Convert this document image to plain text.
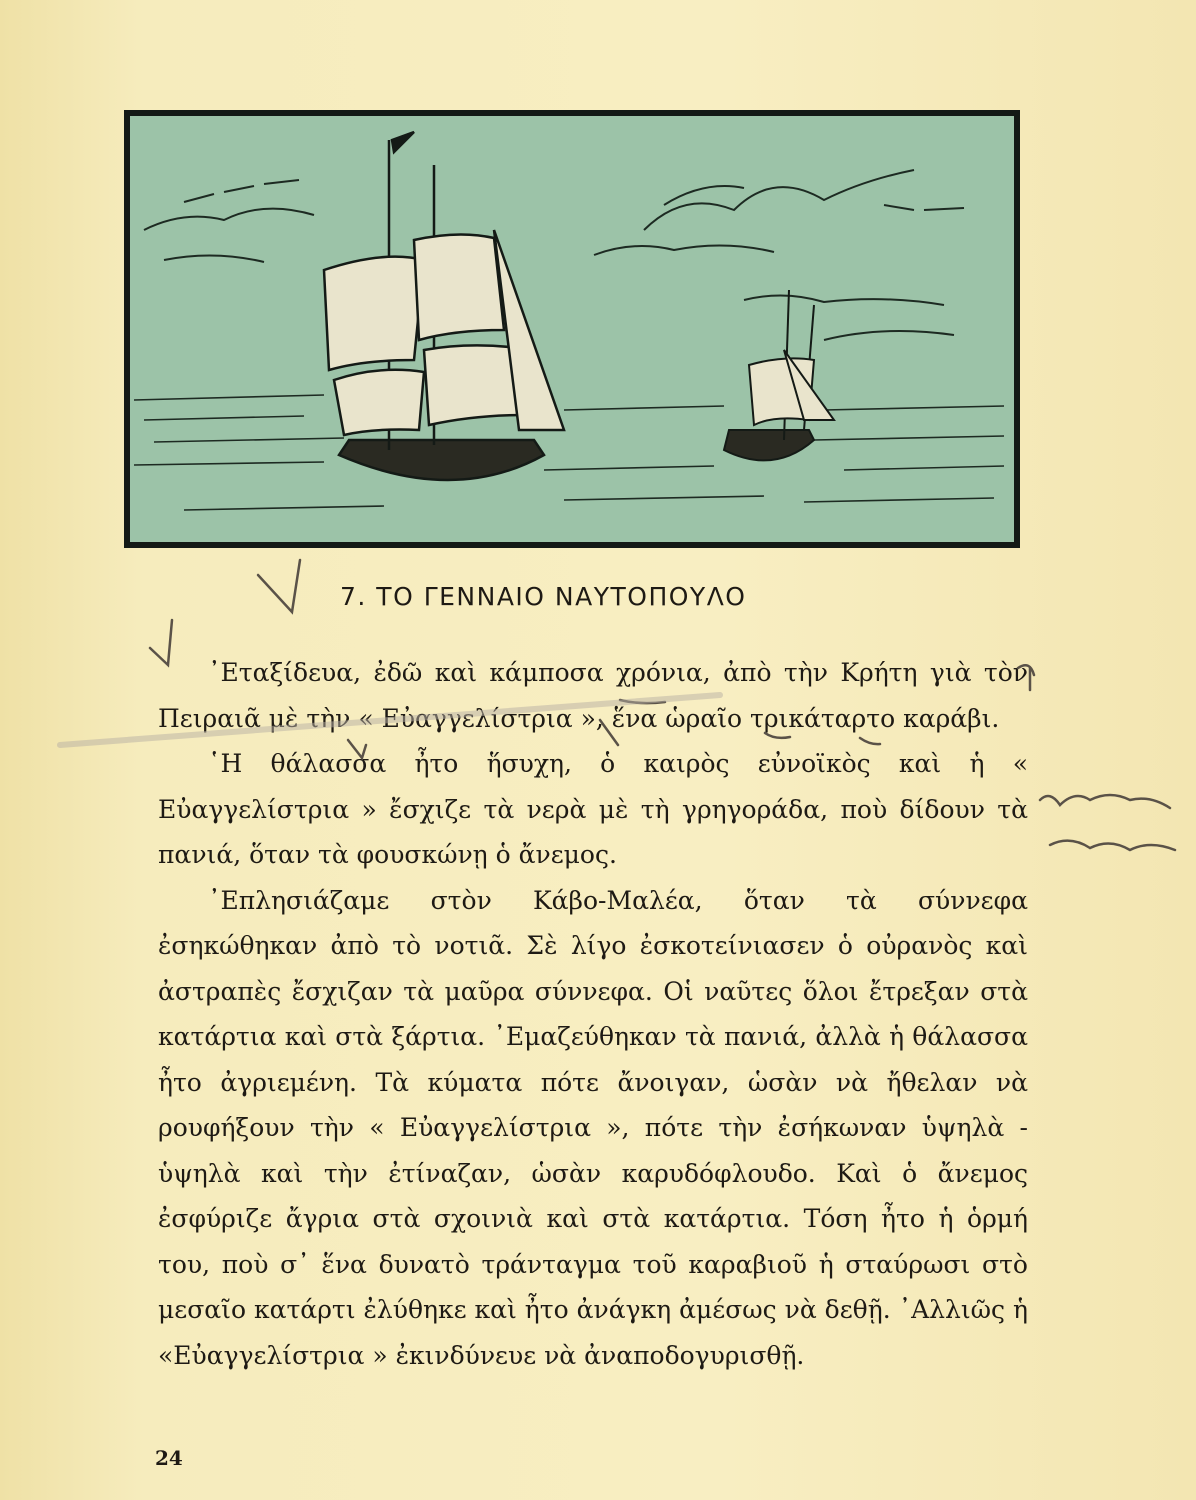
7. ΤΟ ΓΕΝΝΑΙΟ ΝΑΥΤΟΠΟΥΛΟ

᾿Εταξίδευα, ἐδῶ καὶ κάμποσα χρόνια, ἀπὸ τὴν Κρήτη γιὰ τὸν Πειραιᾶ μὲ τὴν « Εὐαγγελίστρια », ἕνα ὡραῖο τρικάταρτο καράβι.

῾Η θάλασσα ἦτο ἥσυχη, ὁ καιρὸς εὐνοϊκὸς καὶ ἡ « Εὐαγγελίστρια » ἔσχιζε τὰ νερὰ μὲ τὴ γρηγοράδα, ποὺ δίδουν τὰ πανιά, ὅταν τὰ φουσκώνῃ ὁ ἄνεμος.

᾿Επλησιάζαμε στὸν Κάβο-Μαλέα, ὅταν τὰ σύννεφα ἐσηκώθηκαν ἀπὸ τὸ νοτιᾶ. Σὲ λίγο ἐσκοτείνιασεν ὁ οὐρανὸς καὶ ἀστραπὲς ἔσχιζαν τὰ μαῦρα σύννεφα. Οἱ ναῦτες ὅλοι ἔτρεξαν στὰ κατάρτια καὶ στὰ ξάρτια. ᾿Εμαζεύθηκαν τὰ πανιά, ἀλλὰ ἡ θάλασσα ἦτο ἀγριεμένη. Τὰ κύματα πότε ἄνοιγαν, ὡσὰν νὰ ἤθελαν νὰ ρουφήξουν τὴν « Εὐαγγελίστρια », πότε τὴν ἐσήκωναν ὑψηλὰ - ὑψηλὰ καὶ τὴν ἐτίναζαν, ὡσὰν καρυδόφλουδο. Καὶ ὁ ἄνεμος ἐσφύριζε ἄγρια στὰ σχοινιὰ καὶ στὰ κατάρτια. Τόση ἦτο ἡ ὁρμή του, ποὺ σ᾿ ἕνα δυνατὸ τράνταγμα τοῦ καραβιοῦ ἡ σταύρωσι στὸ μεσαῖο κατάρτι ἐλύθηκε καὶ ἦτο ἀνάγκη ἀμέσως νὰ δεθῇ. ᾿Αλλιῶς ἡ «Εὐαγγελίστρια » ἐκινδύνευε νὰ ἀναποδογυρισθῇ.

24
